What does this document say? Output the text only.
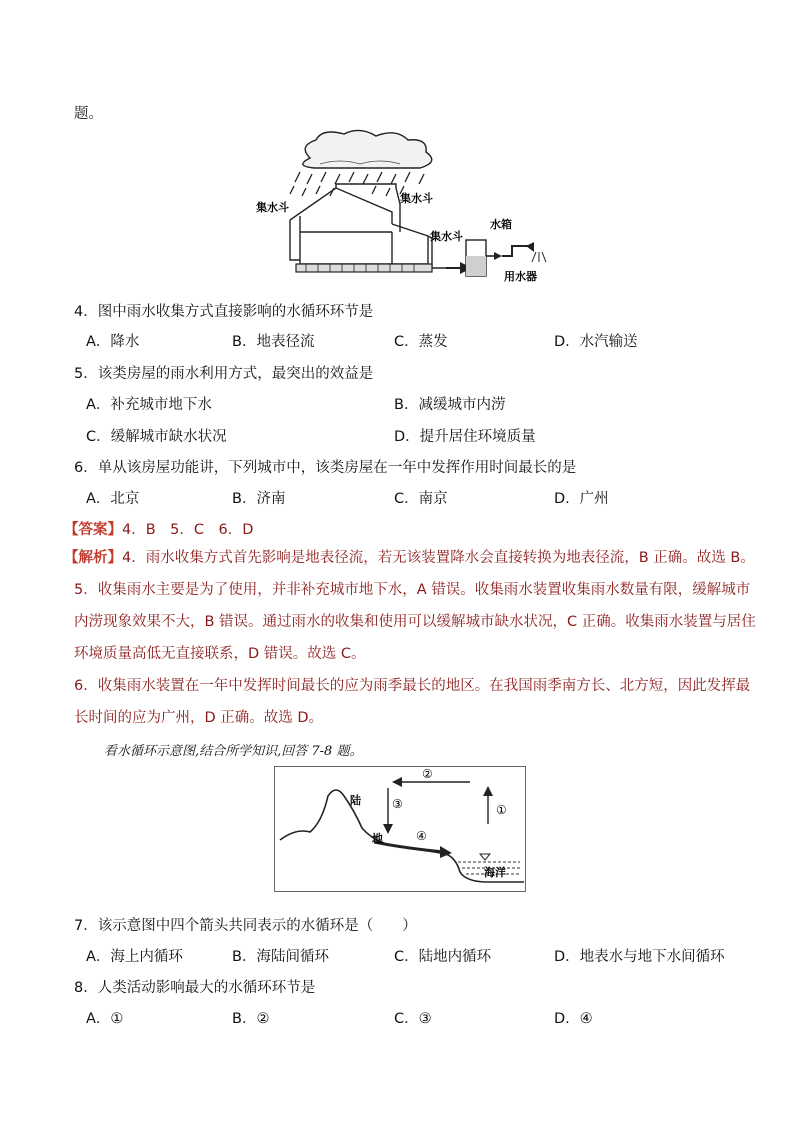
题。
集水斗
集水斗
集水斗
水箱
用水器
4．图中雨水收集方式直接影响的水循环环节是
A．降水	B．地表径流	C．蒸发	D．水汽输送
5．该类房屋的雨水利用方式，最突出的效益是
A．补充城市地下水	B．减缓城市内涝
C．缓解城市缺水状况	D．提升居住环境质量
6．单从该房屋功能讲，下列城市中，该类房屋在一年中发挥作用时间最长的是
A．北京	B．济南	C．南京	D．广州
【答案】4．B　5．C　6．D
【解析】4．雨水收集方式首先影响是地表径流，若无该装置降水会直接转换为地表径流，B 正确。故选 B。
5．收集雨水主要是为了使用，并非补充城市地下水，A 错误。收集雨水装置收集雨水数量有限，缓解城市
内涝现象效果不大，B 错误。通过雨水的收集和使用可以缓解城市缺水状况，C 正确。收集雨水装置与居住
环境质量高低无直接联系，D 错误。故选 C。
6．收集雨水装置在一年中发挥时间最长的应为雨季最长的地区。在我国雨季南方长、北方短，因此发挥最
长时间的应为广州，D 正确。故选 D。
看水循环示意图,结合所学知识,回答 7-8 题。
陆
地
海洋
①
②
③
④
7．该示意图中四个箭头共同表示的水循环是（　　）
A．海上内循环	B．海陆间循环	C．陆地内循环	D．地表水与地下水间循环
8．人类活动影响最大的水循环环节是
A．①	B．②	C．③	D．④
